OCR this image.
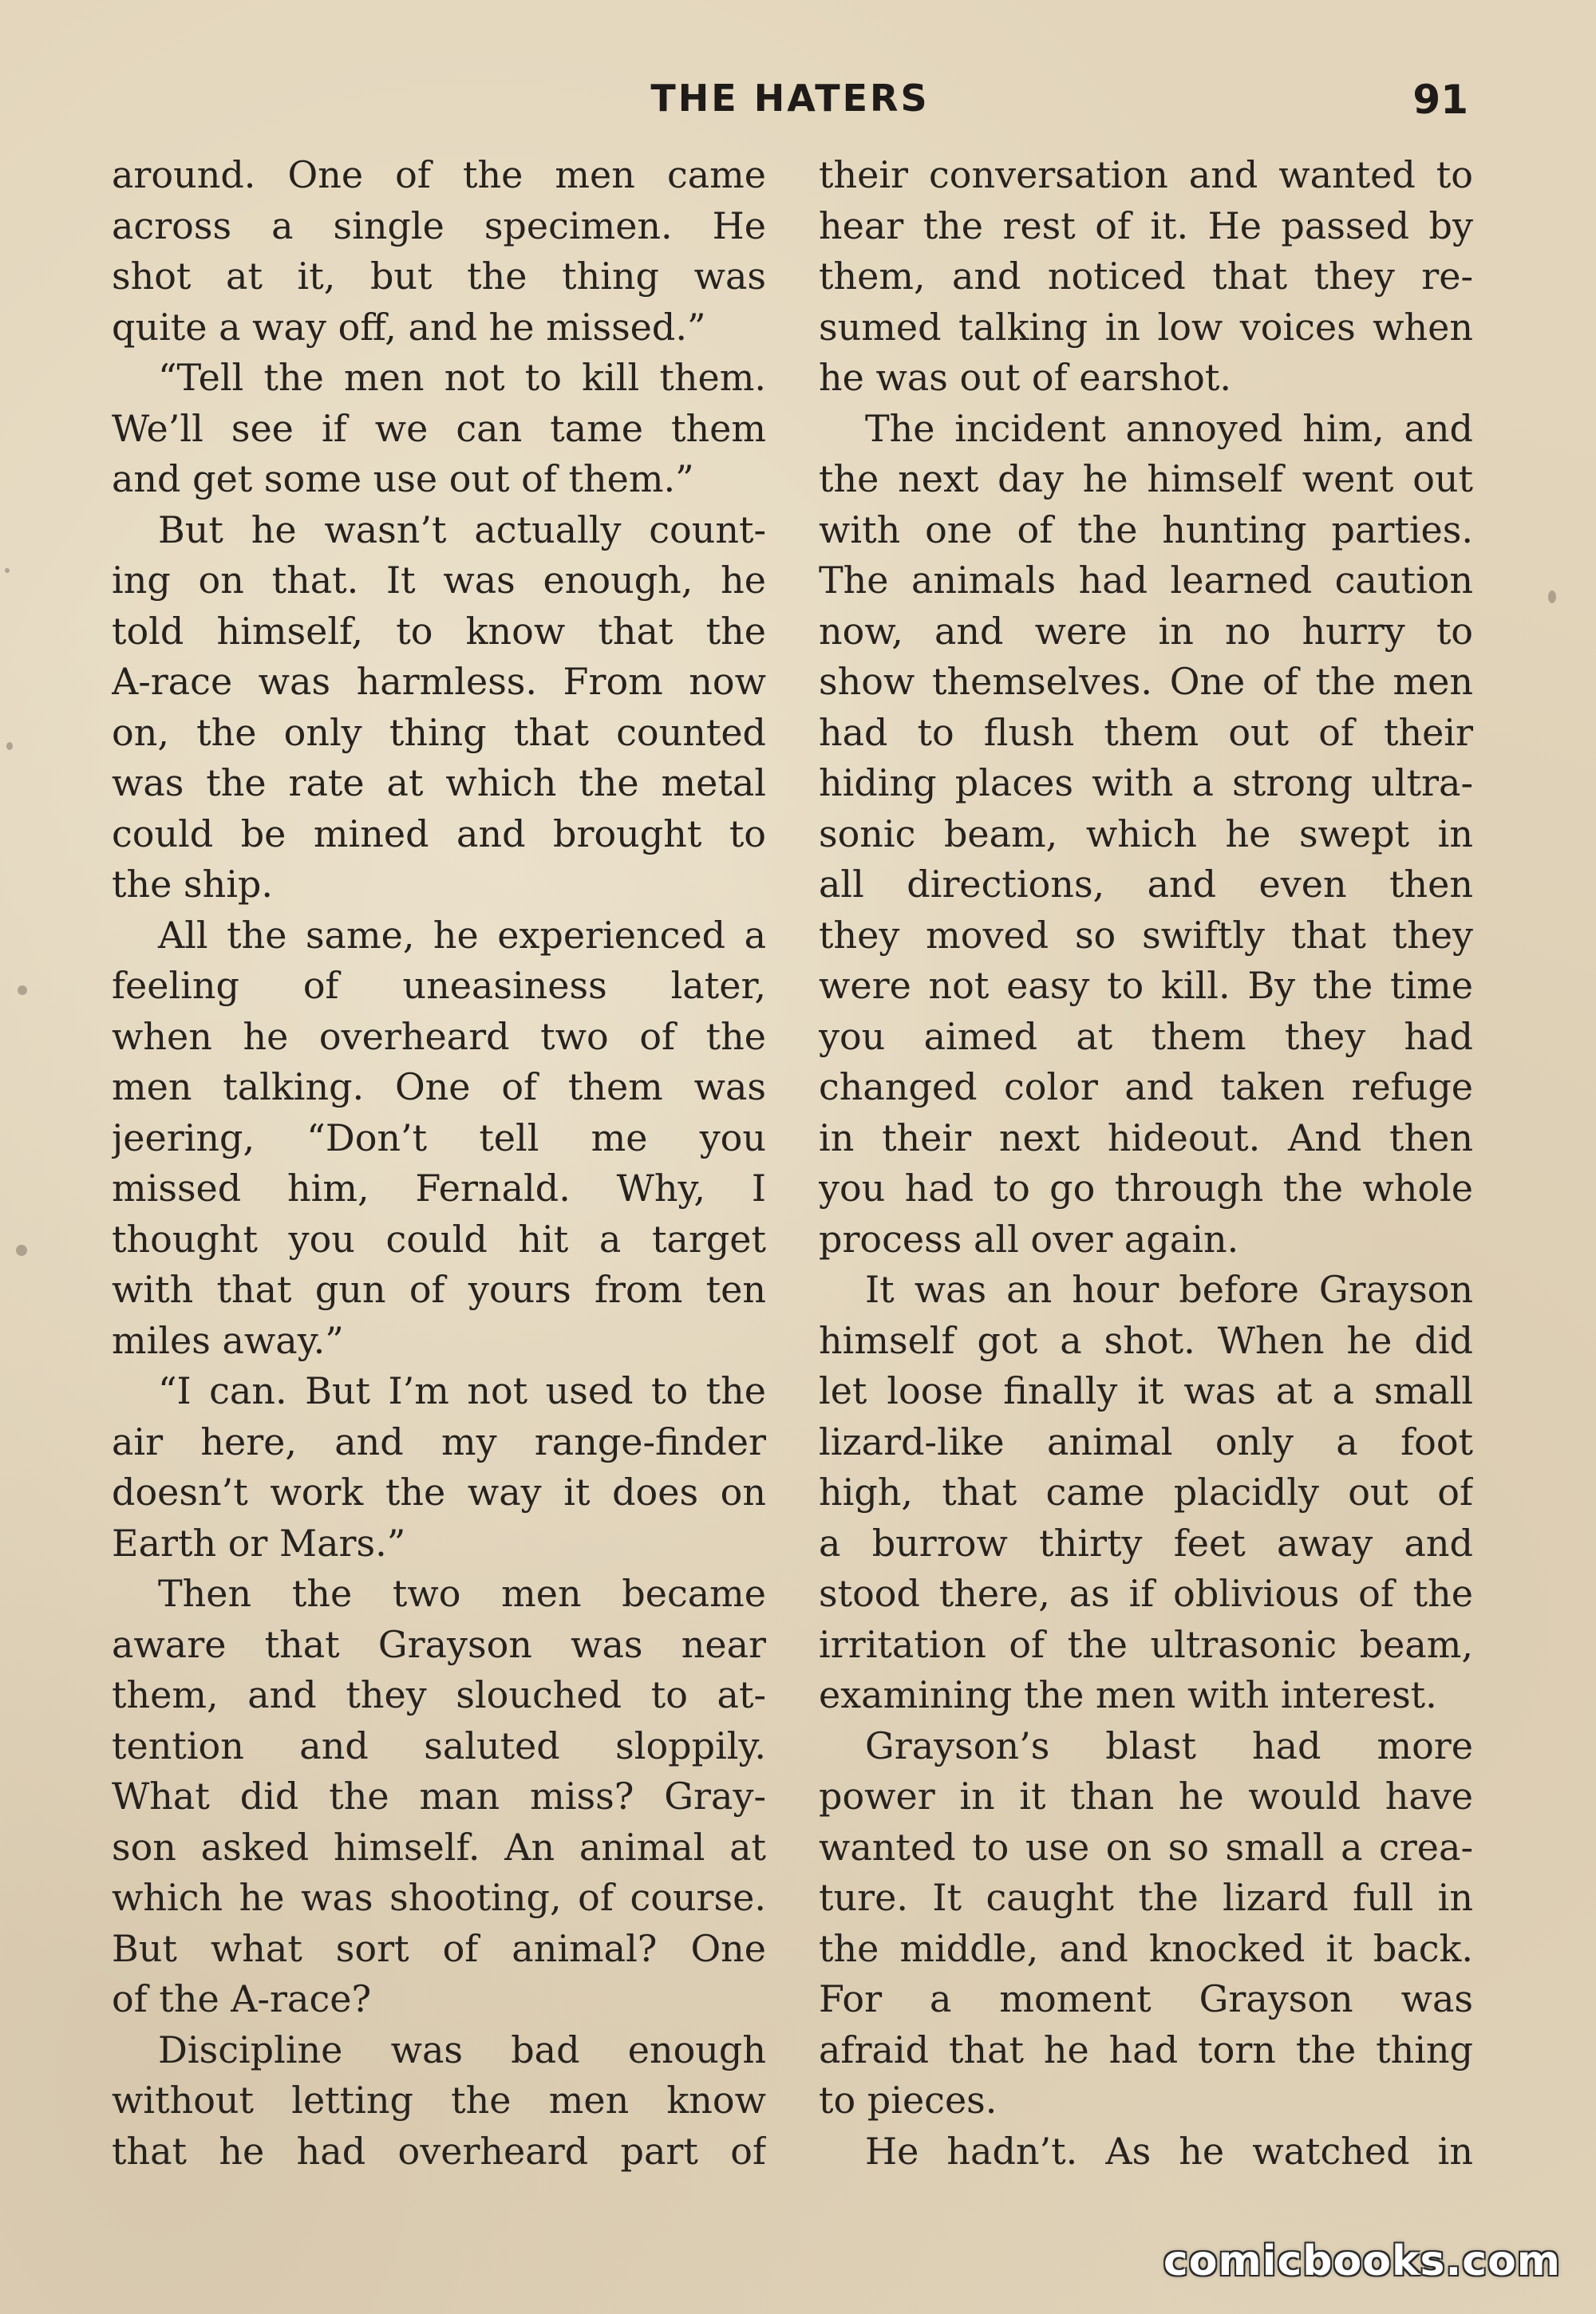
THE HATERS	91
around. One of the men came
across a single specimen. He
shot at it, but the thing was
quite a way off, and he missed.”
“Tell the men not to kill them.
We’ll see if we can tame them
and get some use out of them.”
But he wasn’t actually count-
ing on that. It was enough, he
told himself, to know that the
A-race was harmless. From now
on, the only thing that counted
was the rate at which the metal
could be mined and brought to
the ship.
All the same, he experienced a
feeling of uneasiness later,
when he overheard two of the
men talking. One of them was
jeering, “Don’t tell me you
missed him, Fernald. Why, I
thought you could hit a target
with that gun of yours from ten
miles away.”
“I can. But I’m not used to the
air here, and my range-finder
doesn’t work the way it does on
Earth or Mars.”
Then the two men became
aware that Grayson was near
them, and they slouched to at-
tention and saluted sloppily.
What did the man miss? Gray-
son asked himself. An animal at
which he was shooting, of course.
But what sort of animal? One
of the A-race?
Discipline was bad enough
without letting the men know
that he had overheard part of
their conversation and wanted to
hear the rest of it. He passed by
them, and noticed that they re-
sumed talking in low voices when
he was out of earshot.
The incident annoyed him, and
the next day he himself went out
with one of the hunting parties.
The animals had learned caution
now, and were in no hurry to
show themselves. One of the men
had to flush them out of their
hiding places with a strong ultra-
sonic beam, which he swept in
all directions, and even then
they moved so swiftly that they
were not easy to kill. By the time
you aimed at them they had
changed color and taken refuge
in their next hideout. And then
you had to go through the whole
process all over again.
It was an hour before Grayson
himself got a shot. When he did
let loose finally it was at a small
lizard-like animal only a foot
high, that came placidly out of
a burrow thirty feet away and
stood there, as if oblivious of the
irritation of the ultrasonic beam,
examining the men with interest.
Grayson’s blast had more
power in it than he would have
wanted to use on so small a crea-
ture. It caught the lizard full in
the middle, and knocked it back.
For a moment Grayson was
afraid that he had torn the thing
to pieces.
He hadn’t. As he watched in
comicbooks.com
